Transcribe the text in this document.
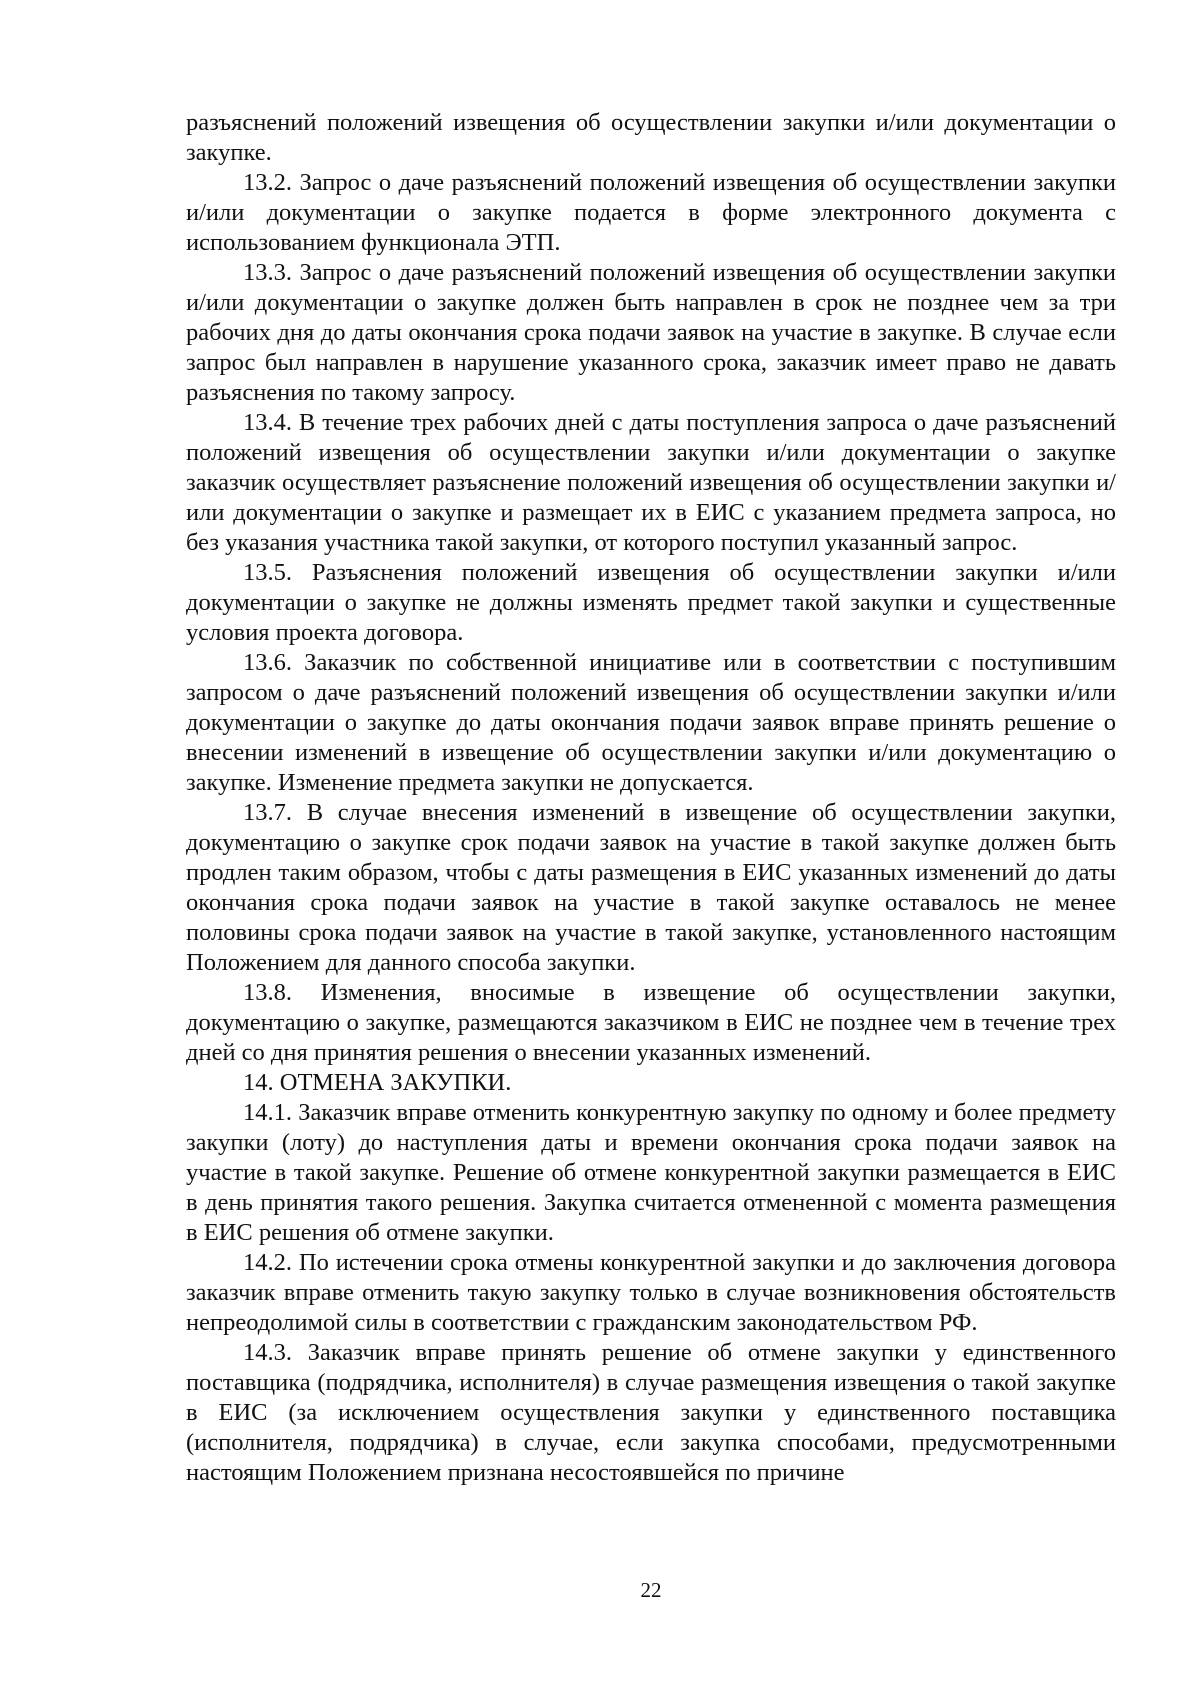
разъяснений положений извещения об осуществлении закупки и/или документации о закупке.

13.2. Запрос о даче разъяснений положений извещения об осуществлении закупки и/или документации о закупке подается в форме электронного документа с использованием функционала ЭТП.

13.3. Запрос о даче разъяснений положений извещения об осуществлении закупки и/или документации о закупке должен быть направлен в срок не позднее чем за три рабочих дня до даты окончания срока подачи заявок на участие в закупке. В случае если запрос был направлен в нарушение указанного срока, заказчик имеет право не давать разъяснения по такому запросу.

13.4. В течение трех рабочих дней с даты поступления запроса о даче разъяснений положений извещения об осуществлении закупки и/или документации о закупке заказчик осуществляет разъяснение положений извещения об осуществлении закупки и/или документации о закупке и размещает их в ЕИС с указанием предмета запроса, но без указания участника такой закупки, от которого поступил указанный запрос.

13.5. Разъяснения положений извещения об осуществлении закупки и/или документации о закупке не должны изменять предмет такой закупки и существенные условия проекта договора.

13.6. Заказчик по собственной инициативе или в соответствии с поступившим запросом о даче разъяснений положений извещения об осуществлении закупки и/или документации о закупке до даты окончания подачи заявок вправе принять решение о внесении изменений в извещение об осуществлении закупки и/или документацию о закупке. Изменение предмета закупки не допускается.

13.7. В случае внесения изменений в извещение об осуществлении закупки, документацию о закупке срок подачи заявок на участие в такой закупке должен быть продлен таким образом, чтобы с даты размещения в ЕИС указанных изменений до даты окончания срока подачи заявок на участие в такой закупке оставалось не менее половины срока подачи заявок на участие в такой закупке, установленного настоящим Положением для данного способа закупки.

13.8. Изменения, вносимые в извещение об осуществлении закупки, документацию о закупке, размещаются заказчиком в ЕИС не позднее чем в течение трех дней со дня принятия решения о внесении указанных изменений.

14. ОТМЕНА ЗАКУПКИ.

14.1. Заказчик вправе отменить конкурентную закупку по одному и более предмету закупки (лоту) до наступления даты и времени окончания срока подачи заявок на участие в такой закупке. Решение об отмене конкурентной закупки размещается в ЕИС в день принятия такого решения. Закупка считается отмененной с момента размещения в ЕИС решения об отмене закупки.

14.2. По истечении срока отмены конкурентной закупки и до заключения договора заказчик вправе отменить такую закупку только в случае возникновения обстоятельств непреодолимой силы в соответствии с гражданским законодательством РФ.

14.3. Заказчик вправе принять решение об отмене закупки у единственного поставщика (подрядчика, исполнителя) в случае размещения извещения о такой закупке в ЕИС (за исключением осуществления закупки у единственного поставщика (исполнителя, подрядчика) в случае, если закупка способами, предусмотренными настоящим Положением признана несостоявшейся по причине

22
